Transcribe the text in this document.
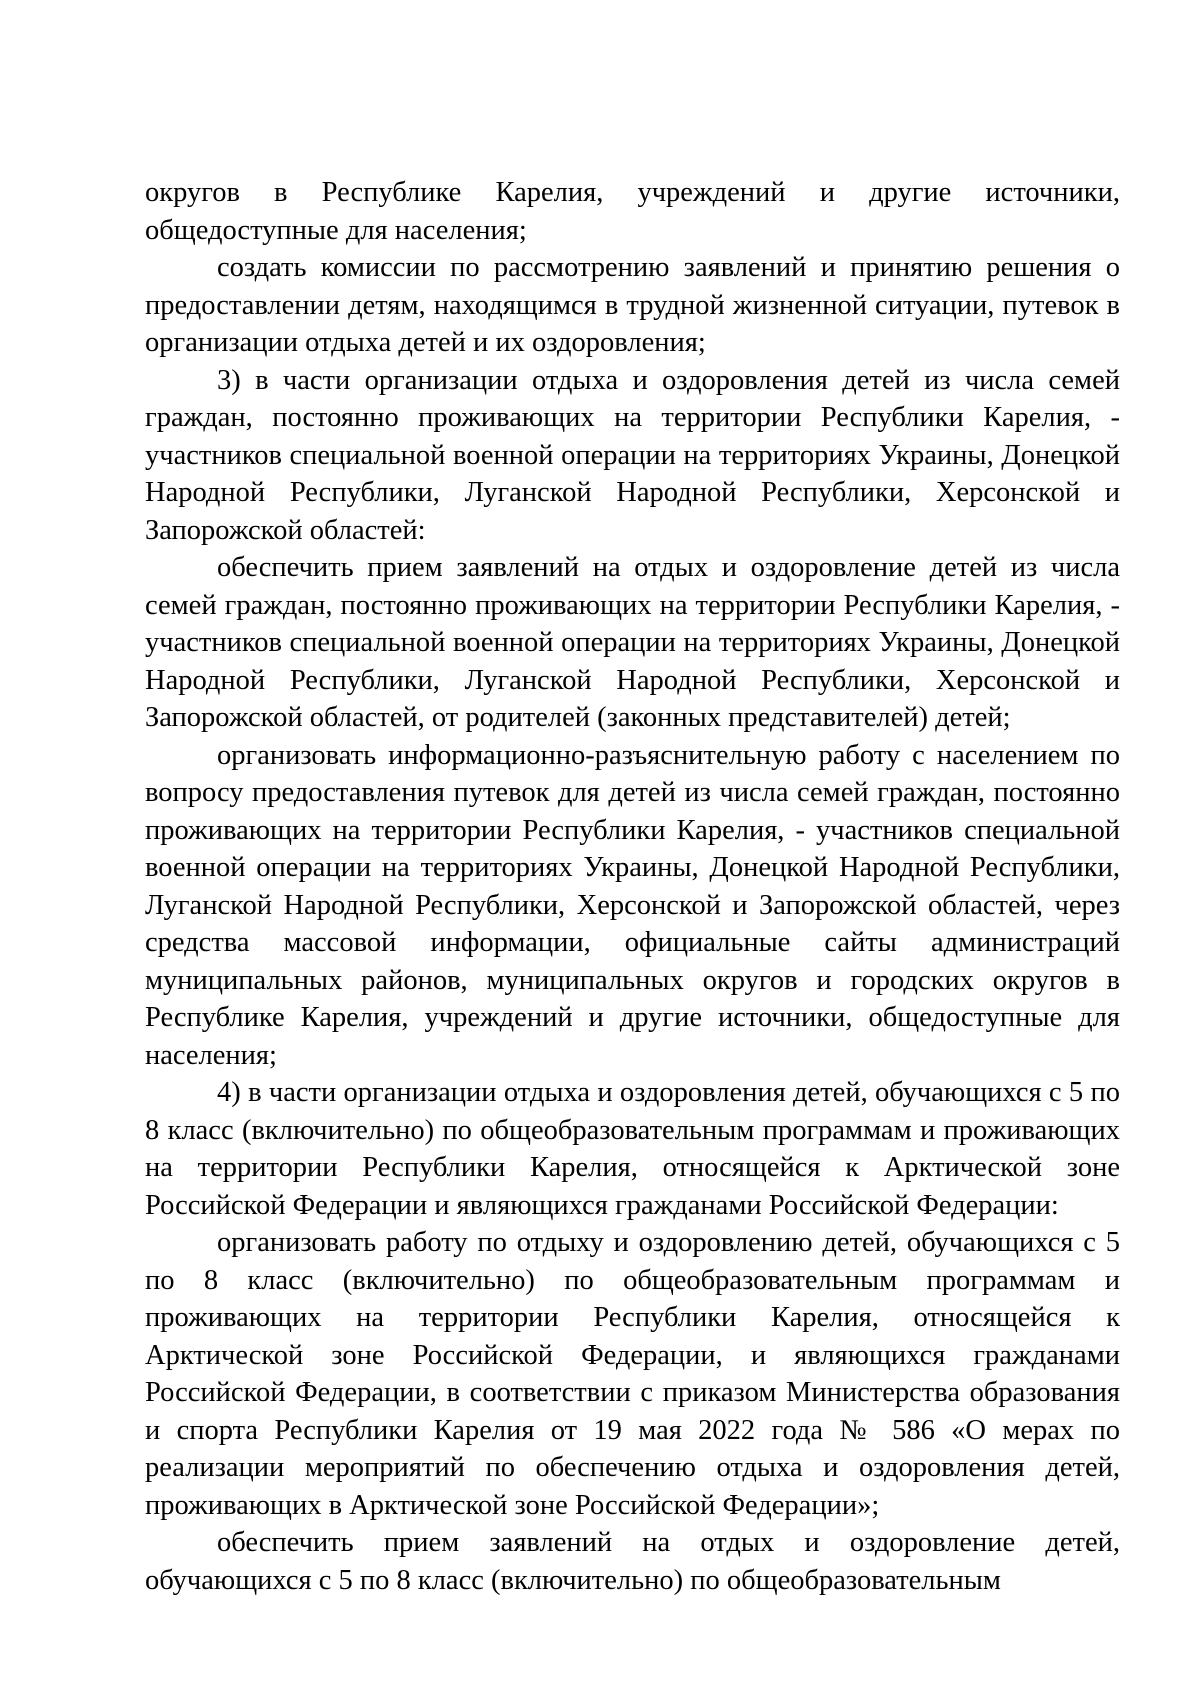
округов в Республике Карелия, учреждений и другие источники, общедоступные для населения;

создать комиссии по рассмотрению заявлений и принятию решения о предоставлении детям, находящимся в трудной жизненной ситуации, путевок в организации отдыха детей и их оздоровления;

3) в части организации отдыха и оздоровления детей из числа семей граждан, постоянно проживающих на территории Республики Карелия, - участников специальной военной операции на территориях Украины, Донецкой Народной Республики, Луганской Народной Республики, Херсонской и Запорожской областей:

обеспечить прием заявлений на отдых и оздоровление детей из числа семей граждан, постоянно проживающих на территории Республики Карелия, - участников специальной военной операции на территориях Украины, Донецкой Народной Республики, Луганской Народной Республики, Херсонской и Запорожской областей, от родителей (законных представителей) детей;

организовать информационно-разъяснительную работу с населением по вопросу предоставления путевок для детей из числа семей граждан, постоянно проживающих на территории Республики Карелия, - участников специальной военной операции на территориях Украины, Донецкой Народной Республики, Луганской Народной Республики, Херсонской и Запорожской областей, через средства массовой информации, официальные сайты администраций муниципальных районов, муниципальных округов и городских округов в Республике Карелия, учреждений и другие источники, общедоступные для населения;

4) в части организации отдыха и оздоровления детей, обучающихся с 5 по 8 класс (включительно) по общеобразовательным программам и проживающих на территории Республики Карелия, относящейся к Арктической зоне Российской Федерации и являющихся гражданами Российской Федерации:

организовать работу по отдыху и оздоровлению детей, обучающихся с 5 по 8 класс (включительно) по общеобразовательным программам и проживающих на территории Республики Карелия, относящейся к Арктической зоне Российской Федерации, и являющихся гражданами Российской Федерации, в соответствии с приказом Министерства образования и спорта Республики Карелия от 19 мая 2022 года № 586 «О мерах по реализации мероприятий по обеспечению отдыха и оздоровления детей, проживающих в Арктической зоне Российской Федерации»;

обеспечить прием заявлений на отдых и оздоровление детей, обучающихся с 5 по 8 класс (включительно) по общеобразовательным
